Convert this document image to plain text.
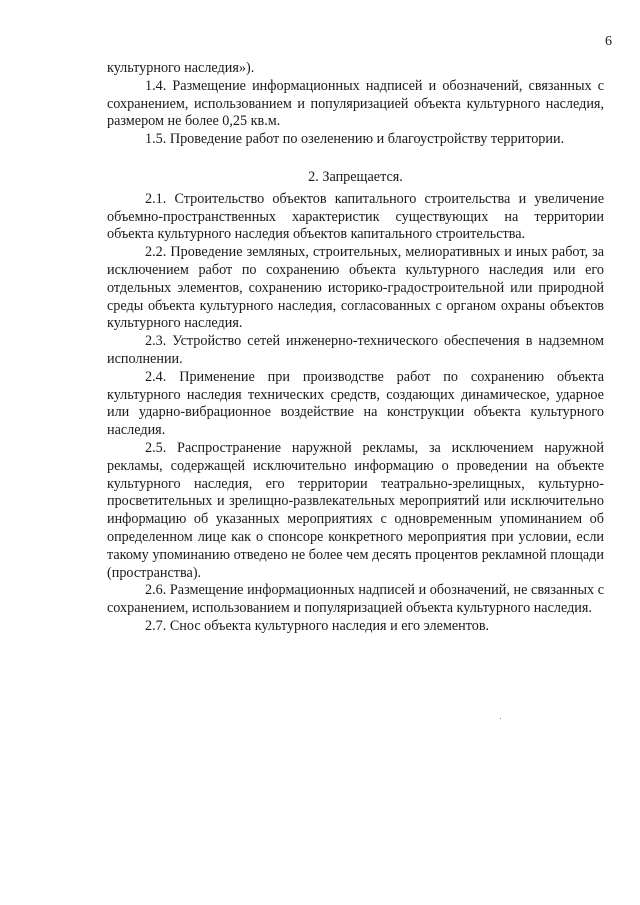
6

культурного наследия»).

1.4. Размещение информационных надписей и обозначений, связанных с сохранением, использованием и популяризацией объекта культурного наследия, размером не более 0,25 кв.м.

1.5. Проведение работ по озеленению и благоустройству территории.

2. Запрещается.

2.1. Строительство объектов капитального строительства и увеличение объемно-пространственных характеристик существующих на территории объекта культурного наследия объектов капитального строительства.

2.2. Проведение земляных, строительных, мелиоративных и иных работ, за исключением работ по сохранению объекта культурного наследия или его отдельных элементов, сохранению историко-градостроительной или природной среды объекта культурного наследия, согласованных с органом охраны объектов культурного наследия.

2.3. Устройство сетей инженерно-технического обеспечения в надземном исполнении.

2.4. Применение при производстве работ по сохранению объекта культурного наследия технических средств, создающих динамическое, ударное или ударно-вибрационное воздействие на конструкции объекта культурного наследия.

2.5. Распространение наружной рекламы, за исключением наружной рекламы, содержащей исключительно информацию о проведении на объекте культурного наследия, его территории театрально-зрелищных, культурно-просветительных и зрелищно-развлекательных мероприятий или исключительно информацию об указанных мероприятиях с одновременным упоминанием об определенном лице как о спонсоре конкретного мероприятия при условии, если такому упоминанию отведено не более чем десять процентов рекламной площади (пространства).

2.6. Размещение информационных надписей и обозначений, не связанных с сохранением, использованием и популяризацией объекта культурного наследия.

2.7. Снос объекта культурного наследия и его элементов.
